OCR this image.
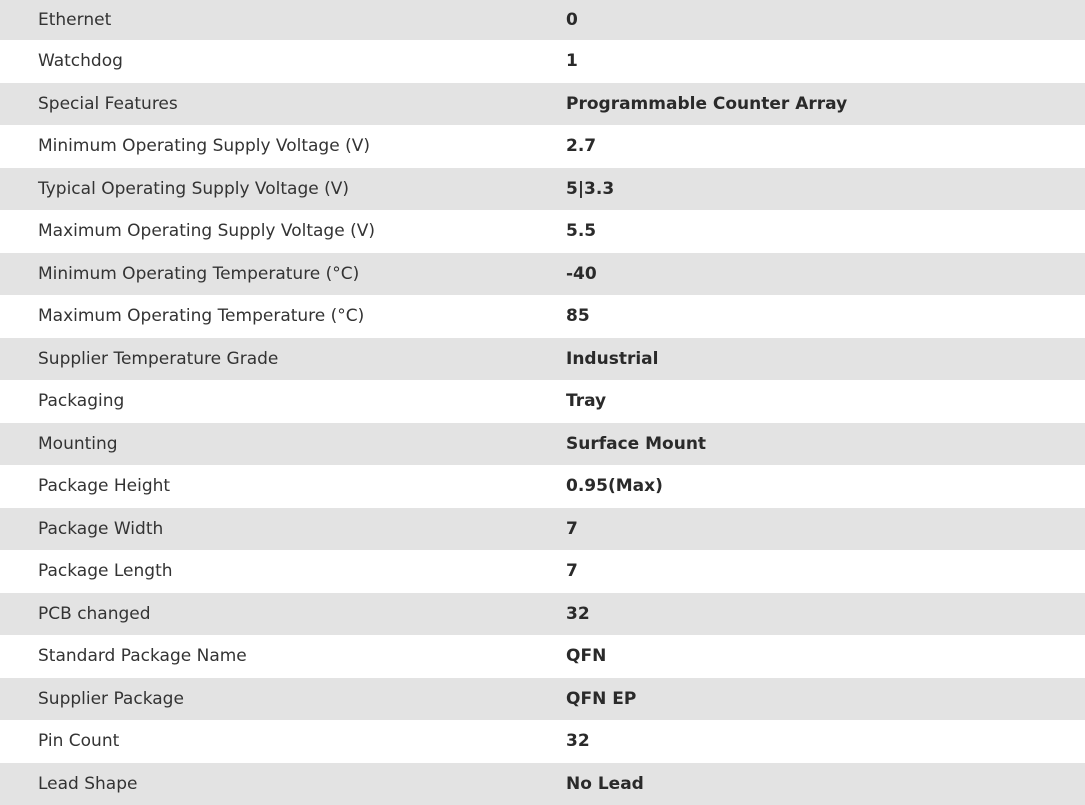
Ethernet	0
Watchdog	1
Special Features	Programmable Counter Array
Minimum Operating Supply Voltage (V)	2.7
Typical Operating Supply Voltage (V)	5|3.3
Maximum Operating Supply Voltage (V)	5.5
Minimum Operating Temperature (°C)	-40
Maximum Operating Temperature (°C)	85
Supplier Temperature Grade	Industrial
Packaging	Tray
Mounting	Surface Mount
Package Height	0.95(Max)
Package Width	7
Package Length	7
PCB changed	32
Standard Package Name	QFN
Supplier Package	QFN EP
Pin Count	32
Lead Shape	No Lead
